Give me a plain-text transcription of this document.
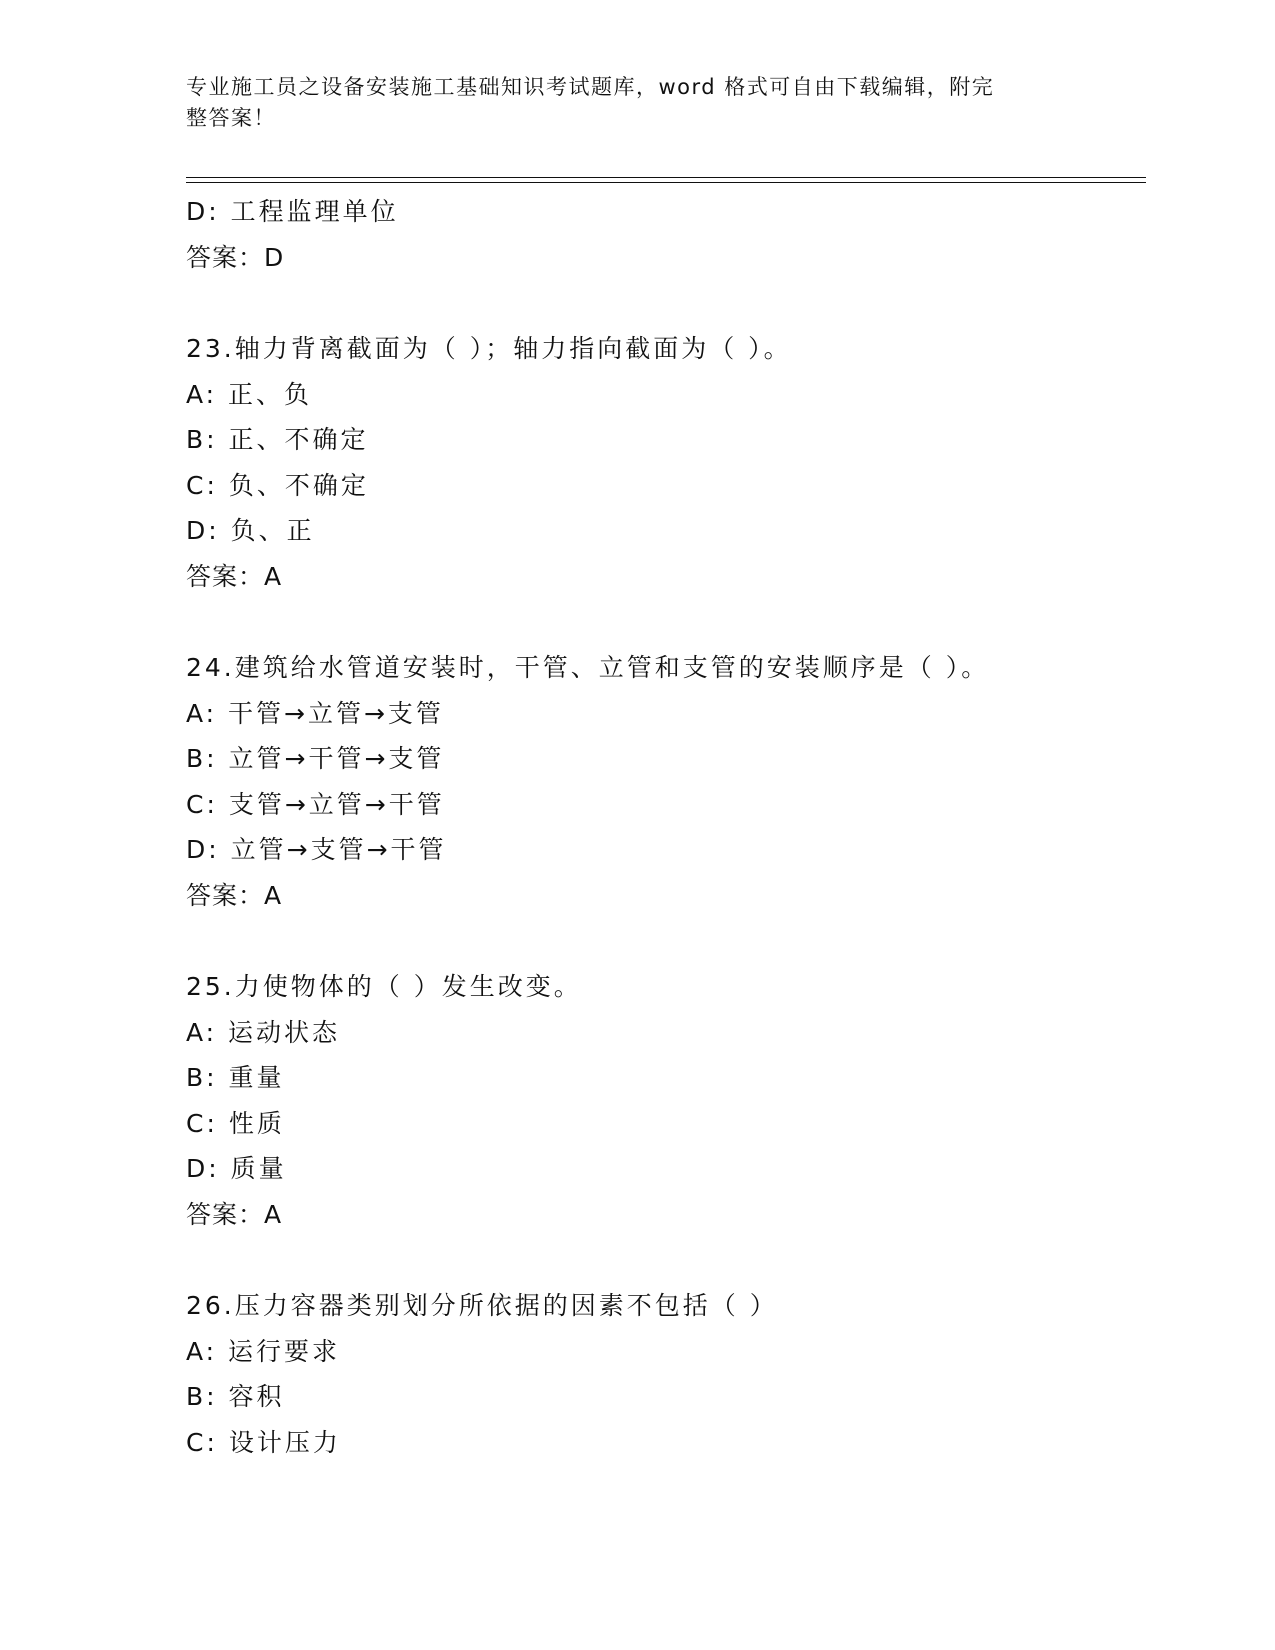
专业施工员之设备安装施工基础知识考试题库，word 格式可自由下载编辑，附完
整答案！
D: 工程监理单位
答案：D
23.轴力背离截面为（ ）；轴力指向截面为（ ）。
A: 正、负
B: 正、不确定
C: 负、不确定
D: 负、正
答案：A
24.建筑给水管道安装时，干管、立管和支管的安装顺序是（ ）。
A: 干管→立管→支管
B: 立管→干管→支管
C: 支管→立管→干管
D: 立管→支管→干管
答案：A
25.力使物体的（ ）发生改变。
A: 运动状态
B: 重量
C: 性质
D: 质量
答案：A
26.压力容器类别划分所依据的因素不包括（ ）
A: 运行要求
B: 容积
C: 设计压力
